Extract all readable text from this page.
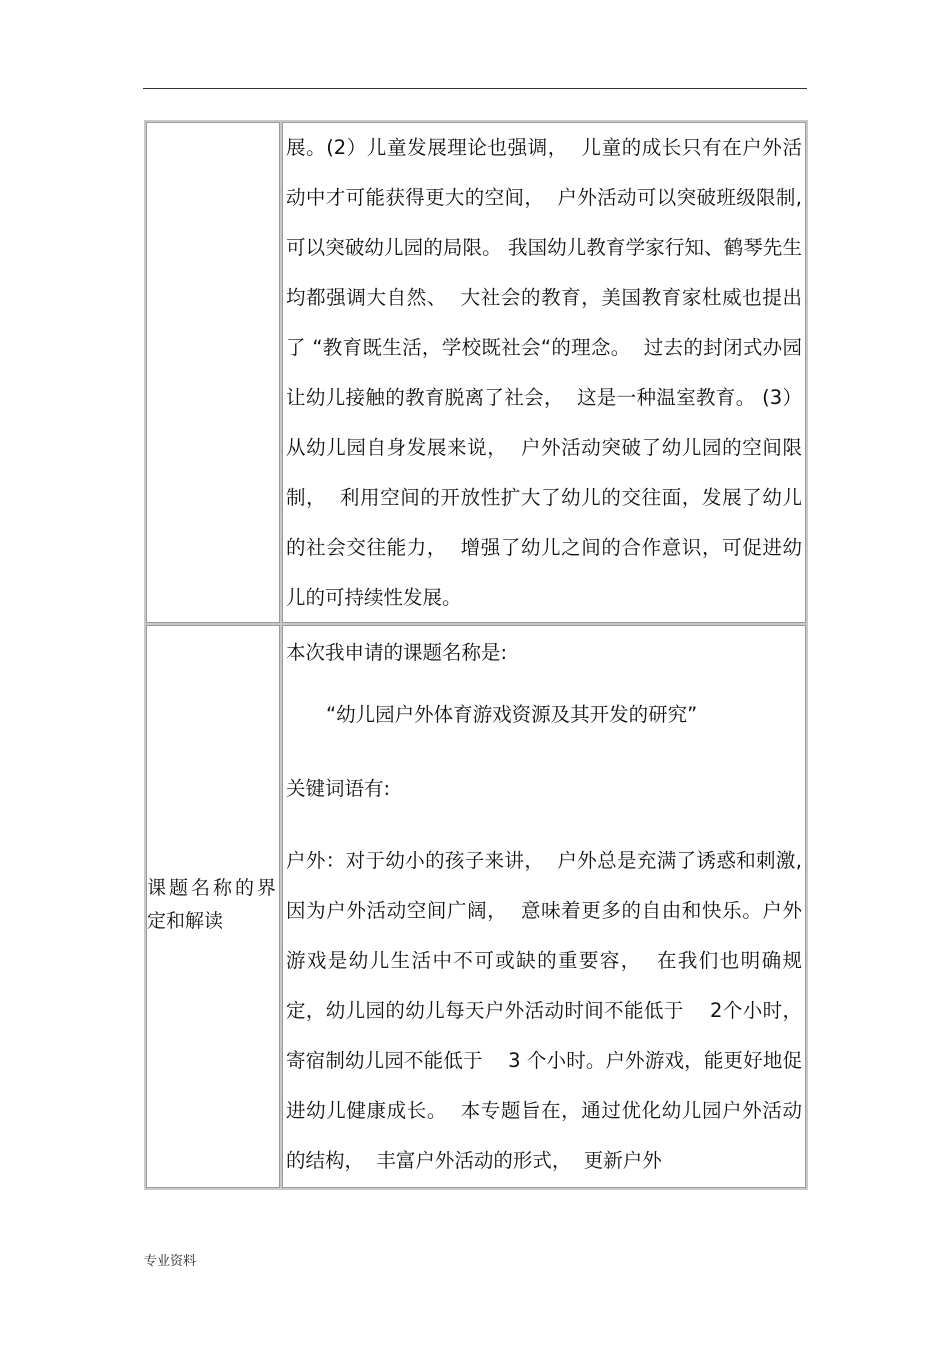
	展。(2）儿童发展理论也强调，  儿童的成长只有在户外活动中才可能获得更大的空间，  户外活动可以突破班级限制, 可以突破幼儿园的局限。 我国幼儿教育学家行知、鹤琴先生均都强调大自然、  大社会的教育，美国教育家杜威也提出了 “教育既生活，学校既社会“的理念。  过去的封闭式办园让幼儿接触的教育脱离了社会，  这是一种温室教育。 (3）从幼儿园自身发展来说，  户外活动突破了幼儿园的空间限制，  利用空间的开放性扩大了幼儿的交往面，发展了幼儿的社会交往能力，  增强了幼儿之间的合作意识，可促进幼儿的可持续性发展。

课题名称的界定和解读	本次我申请的课题名称是:
“幼儿园户外体育游戏资源及其开发的研究”
关键词语有:
户外：对于幼小的孩子来讲，  户外总是充满了诱惑和刺激, 因为户外活动空间广阔，  意味着更多的自由和快乐。户外游戏是幼儿生活中不可或缺的重要容，  在我们也明确规定，幼儿园的幼儿每天户外活动时间不能低于    2个小时，寄宿制幼儿园不能低于    3 个小时。户外游戏，能更好地促进幼儿健康成长。  本专题旨在，通过优化幼儿园户外活动的结构，  丰富户外活动的形式，  更新户外
专业资料
